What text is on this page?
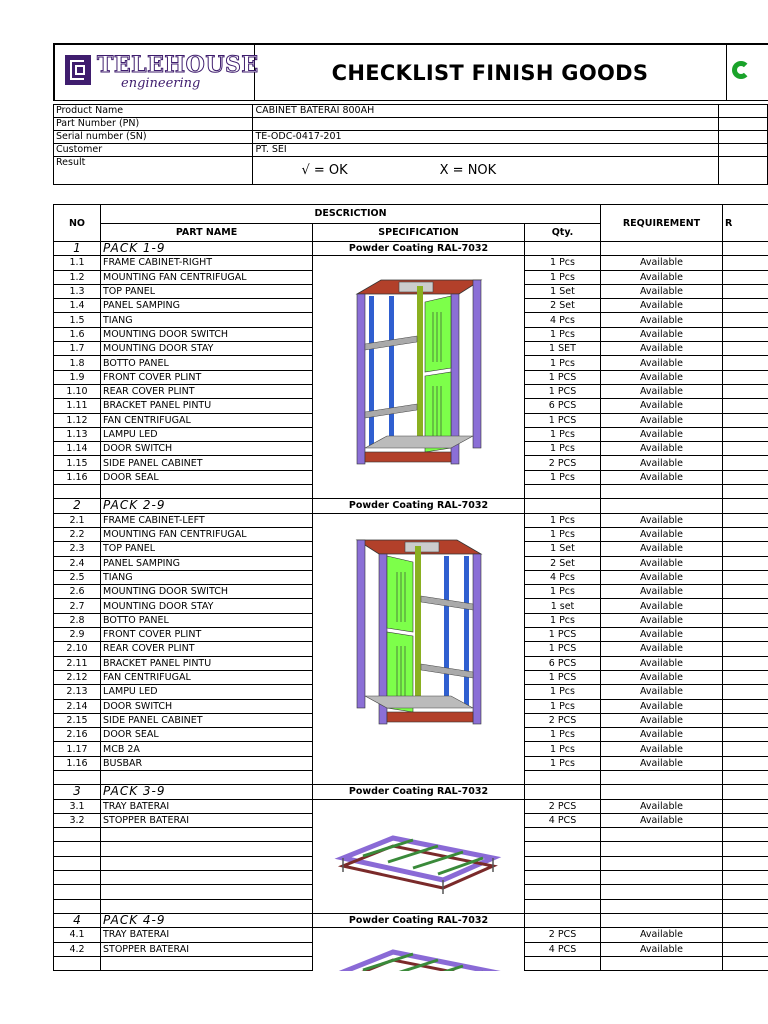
TELEHOUSE
engineering	CHECKLIST FINISH GOODS
Product Name	CABINET BATERAI 800AH	
Part Number (PN)		
Serial number (SN)	TE-ODC-0417-201	
Customer	PT. SEI	
Result	√ = OK X = NOK	
NO	DESCRICTION			REQUIREMENT	R
	PART NAME	SPECIFICATION	Qty.		
1	PACK 1-9	Powder Coating RAL-7032			
1.1	FRAME CABINET-RIGHT		1 Pcs	Available	
1.2	MOUNTING FAN CENTRIFUGAL		1 Pcs	Available	
1.3	TOP PANEL		1 Set	Available	
1.4	PANEL SAMPING		2 Set	Available	
1.5	TIANG		4 Pcs	Available	
1.6	MOUNTING DOOR SWITCH		1 Pcs	Available	
1.7	MOUNTING DOOR STAY		1 SET	Available	
1.8	BOTTO PANEL		1 Pcs	Available	
1.9	FRONT COVER PLINT		1 PCS	Available	
1.10	REAR COVER PLINT		1 PCS	Available	
1.11	BRACKET PANEL PINTU		6 PCS	Available	
1.12	FAN CENTRIFUGAL		1 PCS	Available	
1.13	LAMPU LED		1 Pcs	Available	
1.14	DOOR SWITCH		1 Pcs	Available	
1.15	SIDE PANEL CABINET		2 PCS	Available	
1.16	DOOR SEAL		1 Pcs	Available	

2	PACK 2-9	Powder Coating RAL-7032			
2.1	FRAME CABINET-LEFT		1 Pcs	Available	
2.2	MOUNTING FAN CENTRIFUGAL		1 Pcs	Available	
2.3	TOP PANEL		1 Set	Available	
2.4	PANEL SAMPING		2 Set	Available	
2.5	TIANG		4 Pcs	Available	
2.6	MOUNTING DOOR SWITCH		1 Pcs	Available	
2.7	MOUNTING DOOR STAY		1 set	Available	
2.8	BOTTO PANEL		1 Pcs	Available	
2.9	FRONT COVER PLINT		1 PCS	Available	
2.10	REAR COVER PLINT		1 PCS	Available	
2.11	BRACKET PANEL PINTU		6 PCS	Available	
2.12	FAN CENTRIFUGAL		1 PCS	Available	
2.13	LAMPU LED		1 Pcs	Available	
2.14	DOOR SWITCH		1 Pcs	Available	
2.15	SIDE PANEL CABINET		2 PCS	Available	
2.16	DOOR SEAL		1 Pcs	Available	
1.17	MCB 2A		1 Pcs	Available	
1.16	BUSBAR		1 Pcs	Available	

3	PACK 3-9	Powder Coating RAL-7032			
3.1	TRAY BATERAI		2 PCS	Available	
3.2	STOPPER BATERAI		4 PCS	Available	

4	PACK 4-9	Powder Coating RAL-7032			
4.1	TRAY BATERAI		2 PCS	Available	
4.2	STOPPER BATERAI		4 PCS	Available	
